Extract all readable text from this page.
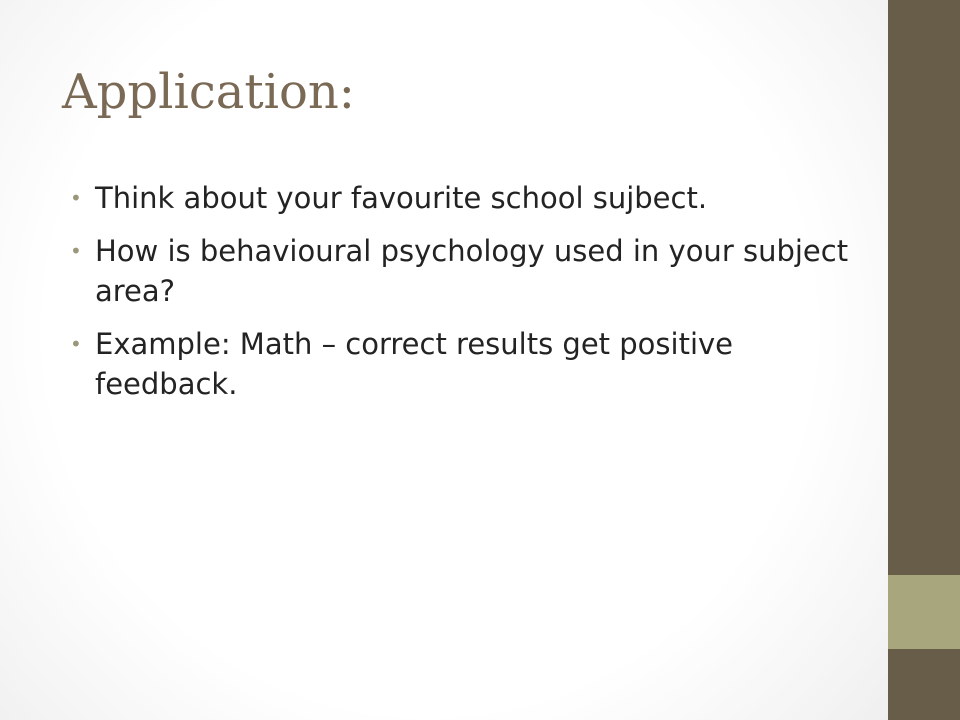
Application:
• Think about your favourite school sujbect.
• How is behavioural psychology used in your subject area?
• Example: Math – correct results get positive feedback.
